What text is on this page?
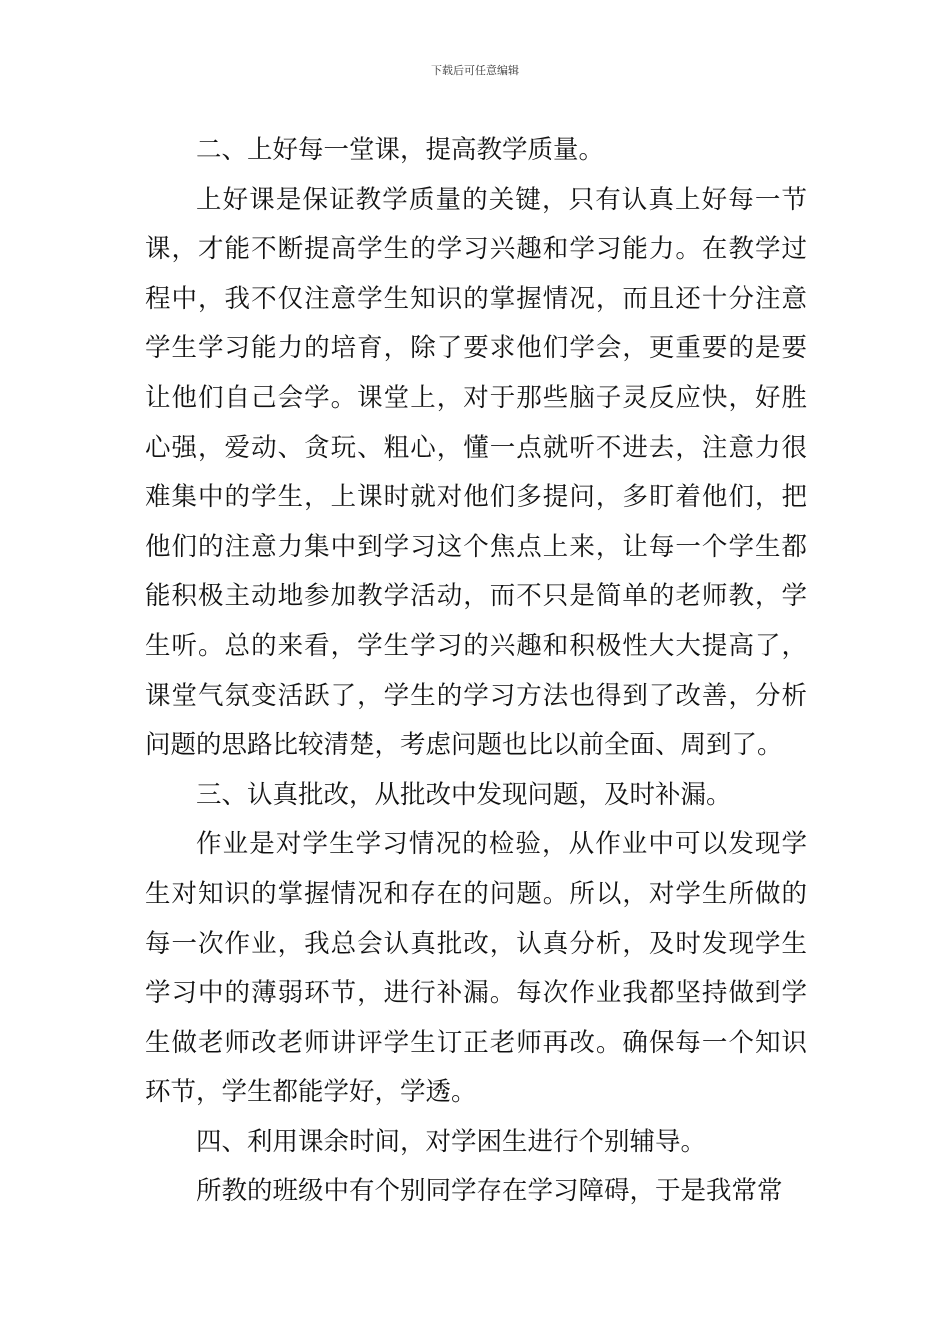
下载后可任意编辑

二、上好每一堂课，提高教学质量。

上好课是保证教学质量的关键，只有认真上好每一节课，才能不断提高学生的学习兴趣和学习能力。在教学过程中，我不仅注意学生知识的掌握情况，而且还十分注意学生学习能力的培育，除了要求他们学会，更重要的是要让他们自己会学。课堂上，对于那些脑子灵反应快，好胜心强，爱动、贪玩、粗心，懂一点就听不进去，注意力很难集中的学生，上课时就对他们多提问，多盯着他们，把他们的注意力集中到学习这个焦点上来，让每一个学生都能积极主动地参加教学活动，而不只是简单的老师教，学生听。总的来看，学生学习的兴趣和积极性大大提高了，课堂气氛变活跃了，学生的学习方法也得到了改善，分析问题的思路比较清楚，考虑问题也比以前全面、周到了。

三、认真批改，从批改中发现问题，及时补漏。

作业是对学生学习情况的检验，从作业中可以发现学生对知识的掌握情况和存在的问题。所以，对学生所做的每一次作业，我总会认真批改，认真分析，及时发现学生学习中的薄弱环节，进行补漏。每次作业我都坚持做到学生做老师改老师讲评学生订正老师再改。确保每一个知识环节，学生都能学好，学透。

四、利用课余时间，对学困生进行个别辅导。

所教的班级中有个别同学存在学习障碍，于是我常常
